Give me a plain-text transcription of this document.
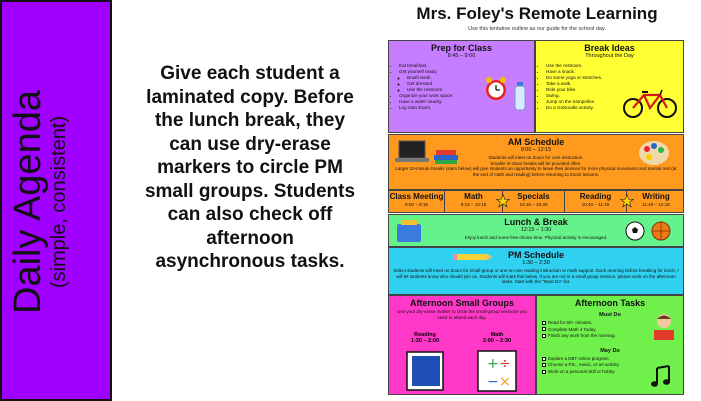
Daily Agenda (simple, consistent)
Give each student a laminated copy. Before the lunch break, they can use dry-erase markers to circle PM small groups. Students can also check off afternoon asynchronous tasks.
Mrs. Foley's Remote Learning
Use this tentative outline as our guide for the school day.
Prep for Class
8:45 – 9:00
• Eat breakfast.
• Get yourself ready.
◦ Brush teeth.
◦ Get dressed.
◦ Use the restroom.
• Organize your work space.
• Have a water nearby.
• Log onto Zoom.
Break Ideas
Throughout the Day
• Use the restroom.
• Have a snack.
• Do some yoga or stretches.
• Take a walk.
• Ride your bike.
• Swing.
• Jump on the trampoline.
• Do a GoNoodle activity.
AM Schedule
9:00 – 12:15
Students will meet on Zoom for core instruction.
Smaller in-class breaks will be provided often.
Larger 10-minute breaks (stars below) will give students an opportunity to leave their devices for more physical movement and mental rest (at the end of math and reading) before returning to Zoom lessons.
Class Meeting
9:00 – 9:15
Math
9:15 – 10:15
Specials
10:15 – 10:40
Reading
10:40 – 11:40
Writing
11:40 – 12:15
Lunch & Break
12:15 – 1:30
Enjoy lunch and some free-choice time. Physical activity is encouraged.
PM Schedule
1:30 – 2:30
Select students will meet on Zoom for small-group or one-on-one reading instruction or math support. Each morning before breaking for lunch, I will let students know who should join us. Students will mark this below. If you are not in a small group session, please work on the afternoon tasks. Start with the "Must Do" list.
Afternoon Small Groups
Use your dry-erase marker to circle the small-group sessions you need to attend each day.
Reading
1:30 – 2:00
Math
2:00 – 2:30
+ ÷
− ×
Afternoon Tasks
Must Do
Read for 60+ minutes.
Complete Math 4 Today.
Finish any work from the morning.
May Do
Explore a DBT online program.
Choose a P.E., music, or art activity.
Work on a personal skill or hobby.
